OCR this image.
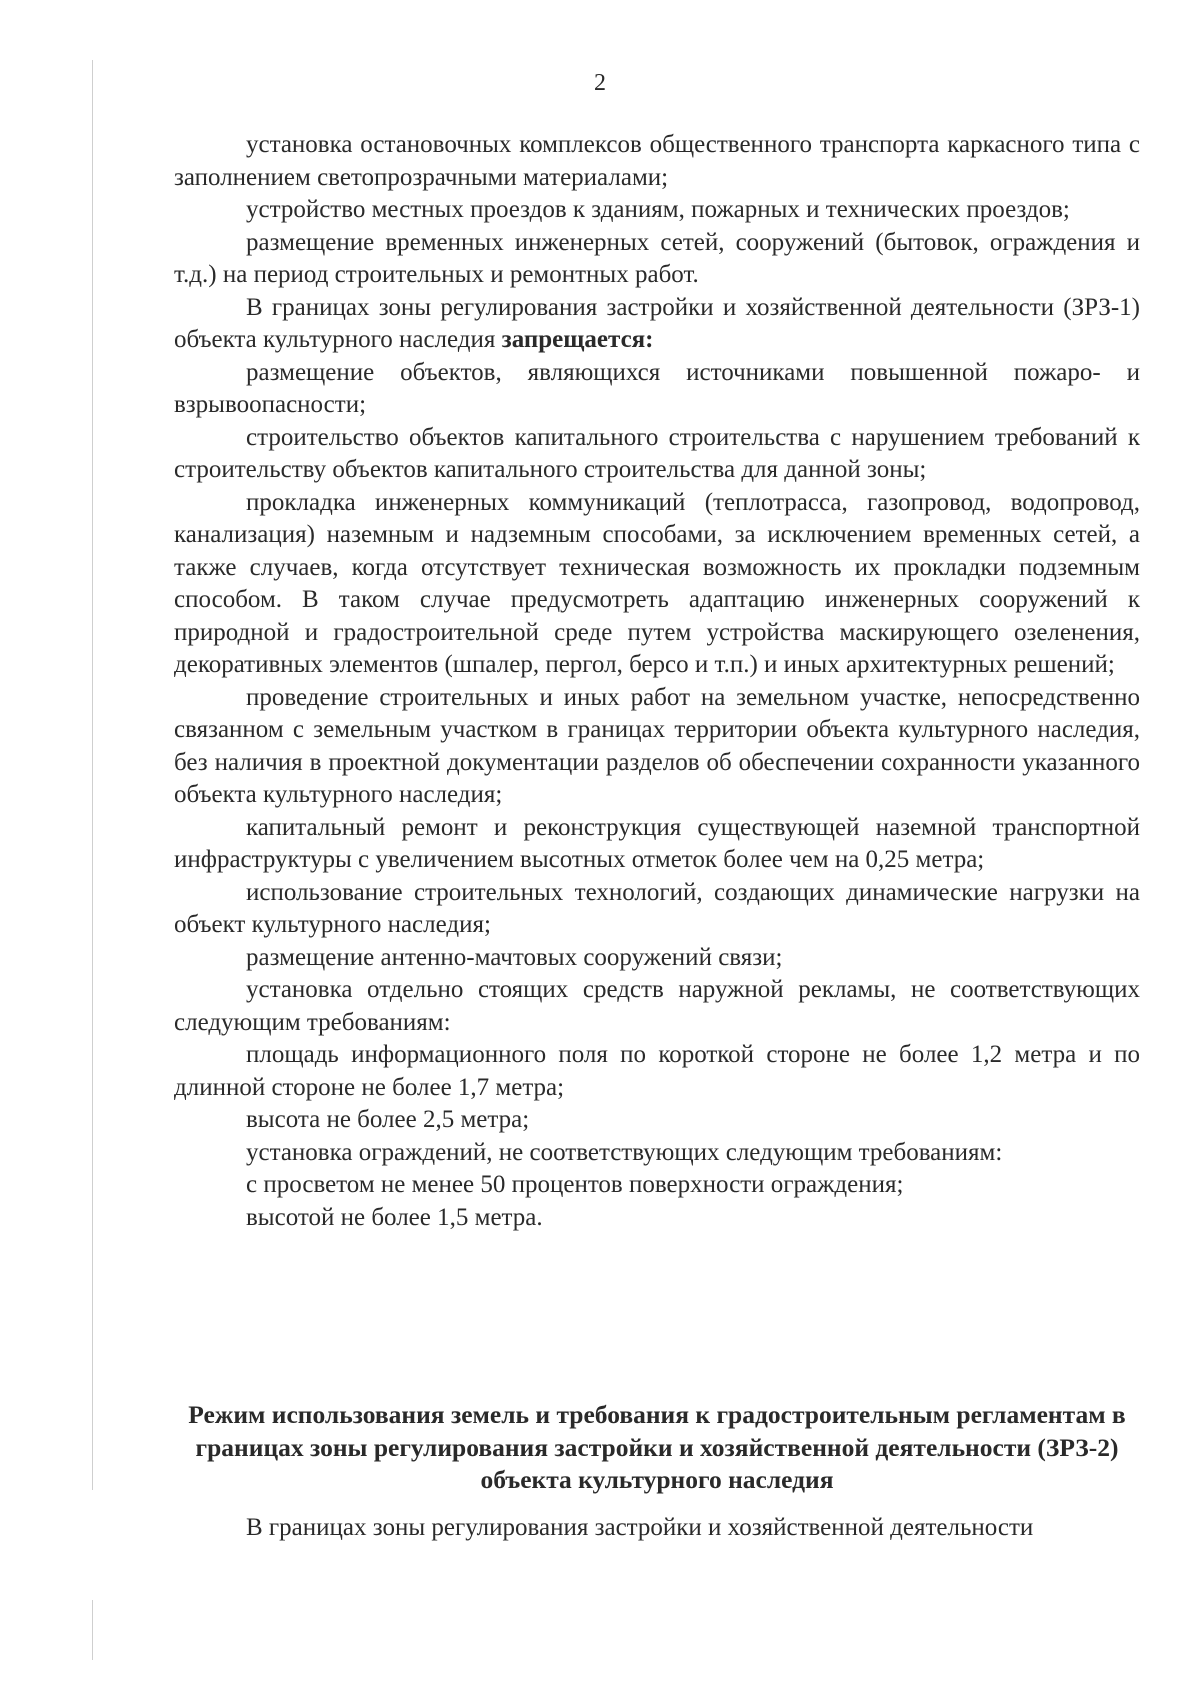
2

установка остановочных комплексов общественного транспорта каркасного типа с заполнением светопрозрачными материалами;

устройство местных проездов к зданиям, пожарных и технических проездов;

размещение временных инженерных сетей, сооружений (бытовок, ограждения и т.д.) на период строительных и ремонтных работ.

В границах зоны регулирования застройки и хозяйственной деятельности (ЗРЗ-1) объекта культурного наследия запрещается:

размещение объектов, являющихся источниками повышенной пожаро- и взрывоопасности;

строительство объектов капитального строительства с нарушением требований к строительству объектов капитального строительства для данной зоны;

прокладка инженерных коммуникаций (теплотрасса, газопровод, водопровод, канализация) наземным и надземным способами, за исключением временных сетей, а также случаев, когда отсутствует техническая возможность их прокладки подземным способом. В таком случае предусмотреть адаптацию инженерных сооружений к природной и градостроительной среде путем устройства маскирующего озеленения, декоративных элементов (шпалер, пергол, берсо и т.п.) и иных архитектурных решений;

проведение строительных и иных работ на земельном участке, непосредственно связанном с земельным участком в границах территории объекта культурного наследия, без наличия в проектной документации разделов об обеспечении сохранности указанного объекта культурного наследия;

капитальный ремонт и реконструкция существующей наземной транспортной инфраструктуры с увеличением высотных отметок более чем на 0,25 метра;

использование строительных технологий, создающих динамические нагрузки на объект культурного наследия;

размещение антенно-мачтовых сооружений связи;

установка отдельно стоящих средств наружной рекламы, не соответствующих следующим требованиям:

площадь информационного поля по короткой стороне не более 1,2 метра и по длинной стороне не более 1,7 метра;

высота не более 2,5 метра;

установка ограждений, не соответствующих следующим требованиям:

с просветом не менее 50 процентов поверхности ограждения;

высотой не более 1,5 метра.

Режим использования земель и требования к градостроительным регламентам в границах зоны регулирования застройки и хозяйственной деятельности (ЗРЗ-2) объекта культурного наследия

В границах зоны регулирования застройки и хозяйственной деятельности
